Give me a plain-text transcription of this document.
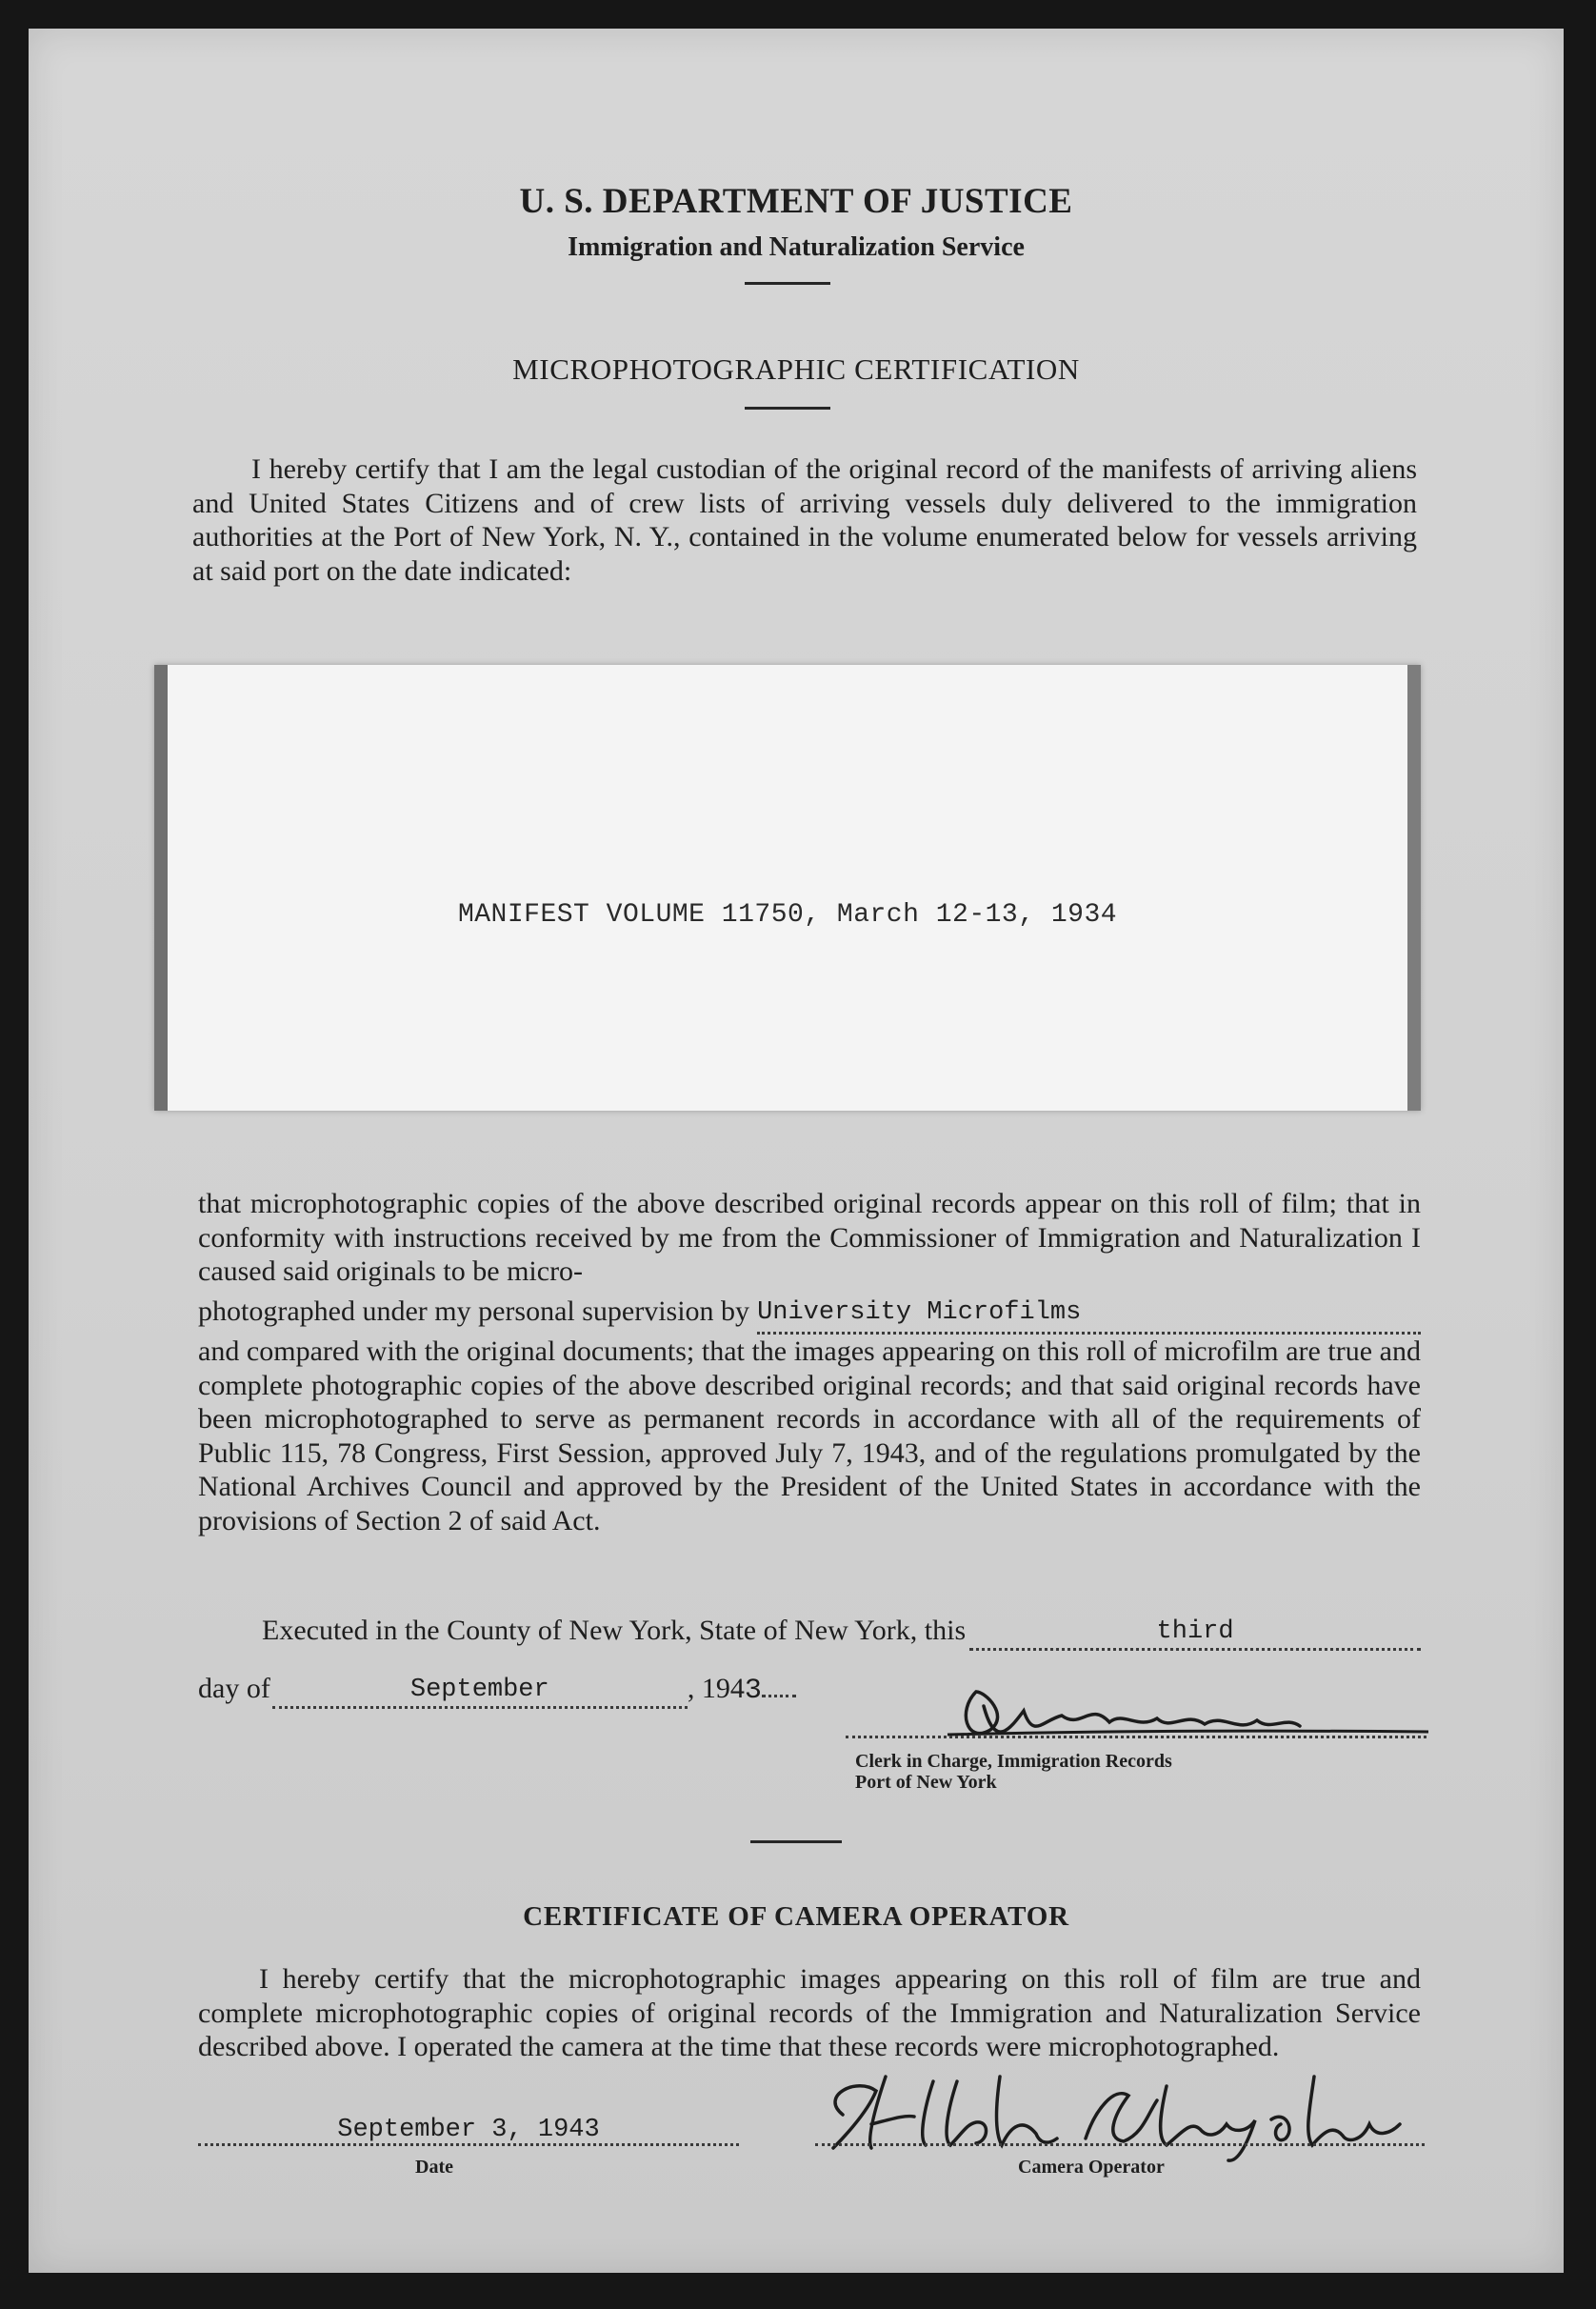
U. S. DEPARTMENT OF JUSTICE
Immigration and Naturalization Service
MICROPHOTOGRAPHIC CERTIFICATION

I hereby certify that I am the legal custodian of the original record of the manifests of arriving aliens and United States Citizens and of crew lists of arriving vessels duly delivered to the immigration authorities at the Port of New York, N. Y., contained in the volume enumerated below for vessels arriving at said port on the date indicated:

MANIFEST VOLUME 11750, March 12-13, 1934

that microphotographic copies of the above described original records appear on this roll of film; that in conformity with instructions received by me from the Commissioner of Immigration and Naturalization I caused said originals to be micro-

photographed under my personal supervision by University Microfilms

and compared with the original documents; that the images appearing on this roll of microfilm are true and complete photographic copies of the above described original records; and that said original records have been microphotographed to serve as permanent records in accordance with all of the requirements of Public 115, 78 Congress, First Session, approved July 7, 1943, and of the regulations promulgated by the National Archives Council and approved by the President of the United States in accordance with the provisions of Section 2 of said Act.

Executed in the County of New York, State of New York, this	third
day of	September	, 194 3
Clerk in Charge, Immigration Records
Port of New York
CERTIFICATE OF CAMERA OPERATOR

I hereby certify that the microphotographic images appearing on this roll of film are true and complete microphotographic copies of original records of the Immigration and Naturalization Service described above. I operated the camera at the time that these records were microphotographed.

September 3, 1943
Date	Camera Operator
